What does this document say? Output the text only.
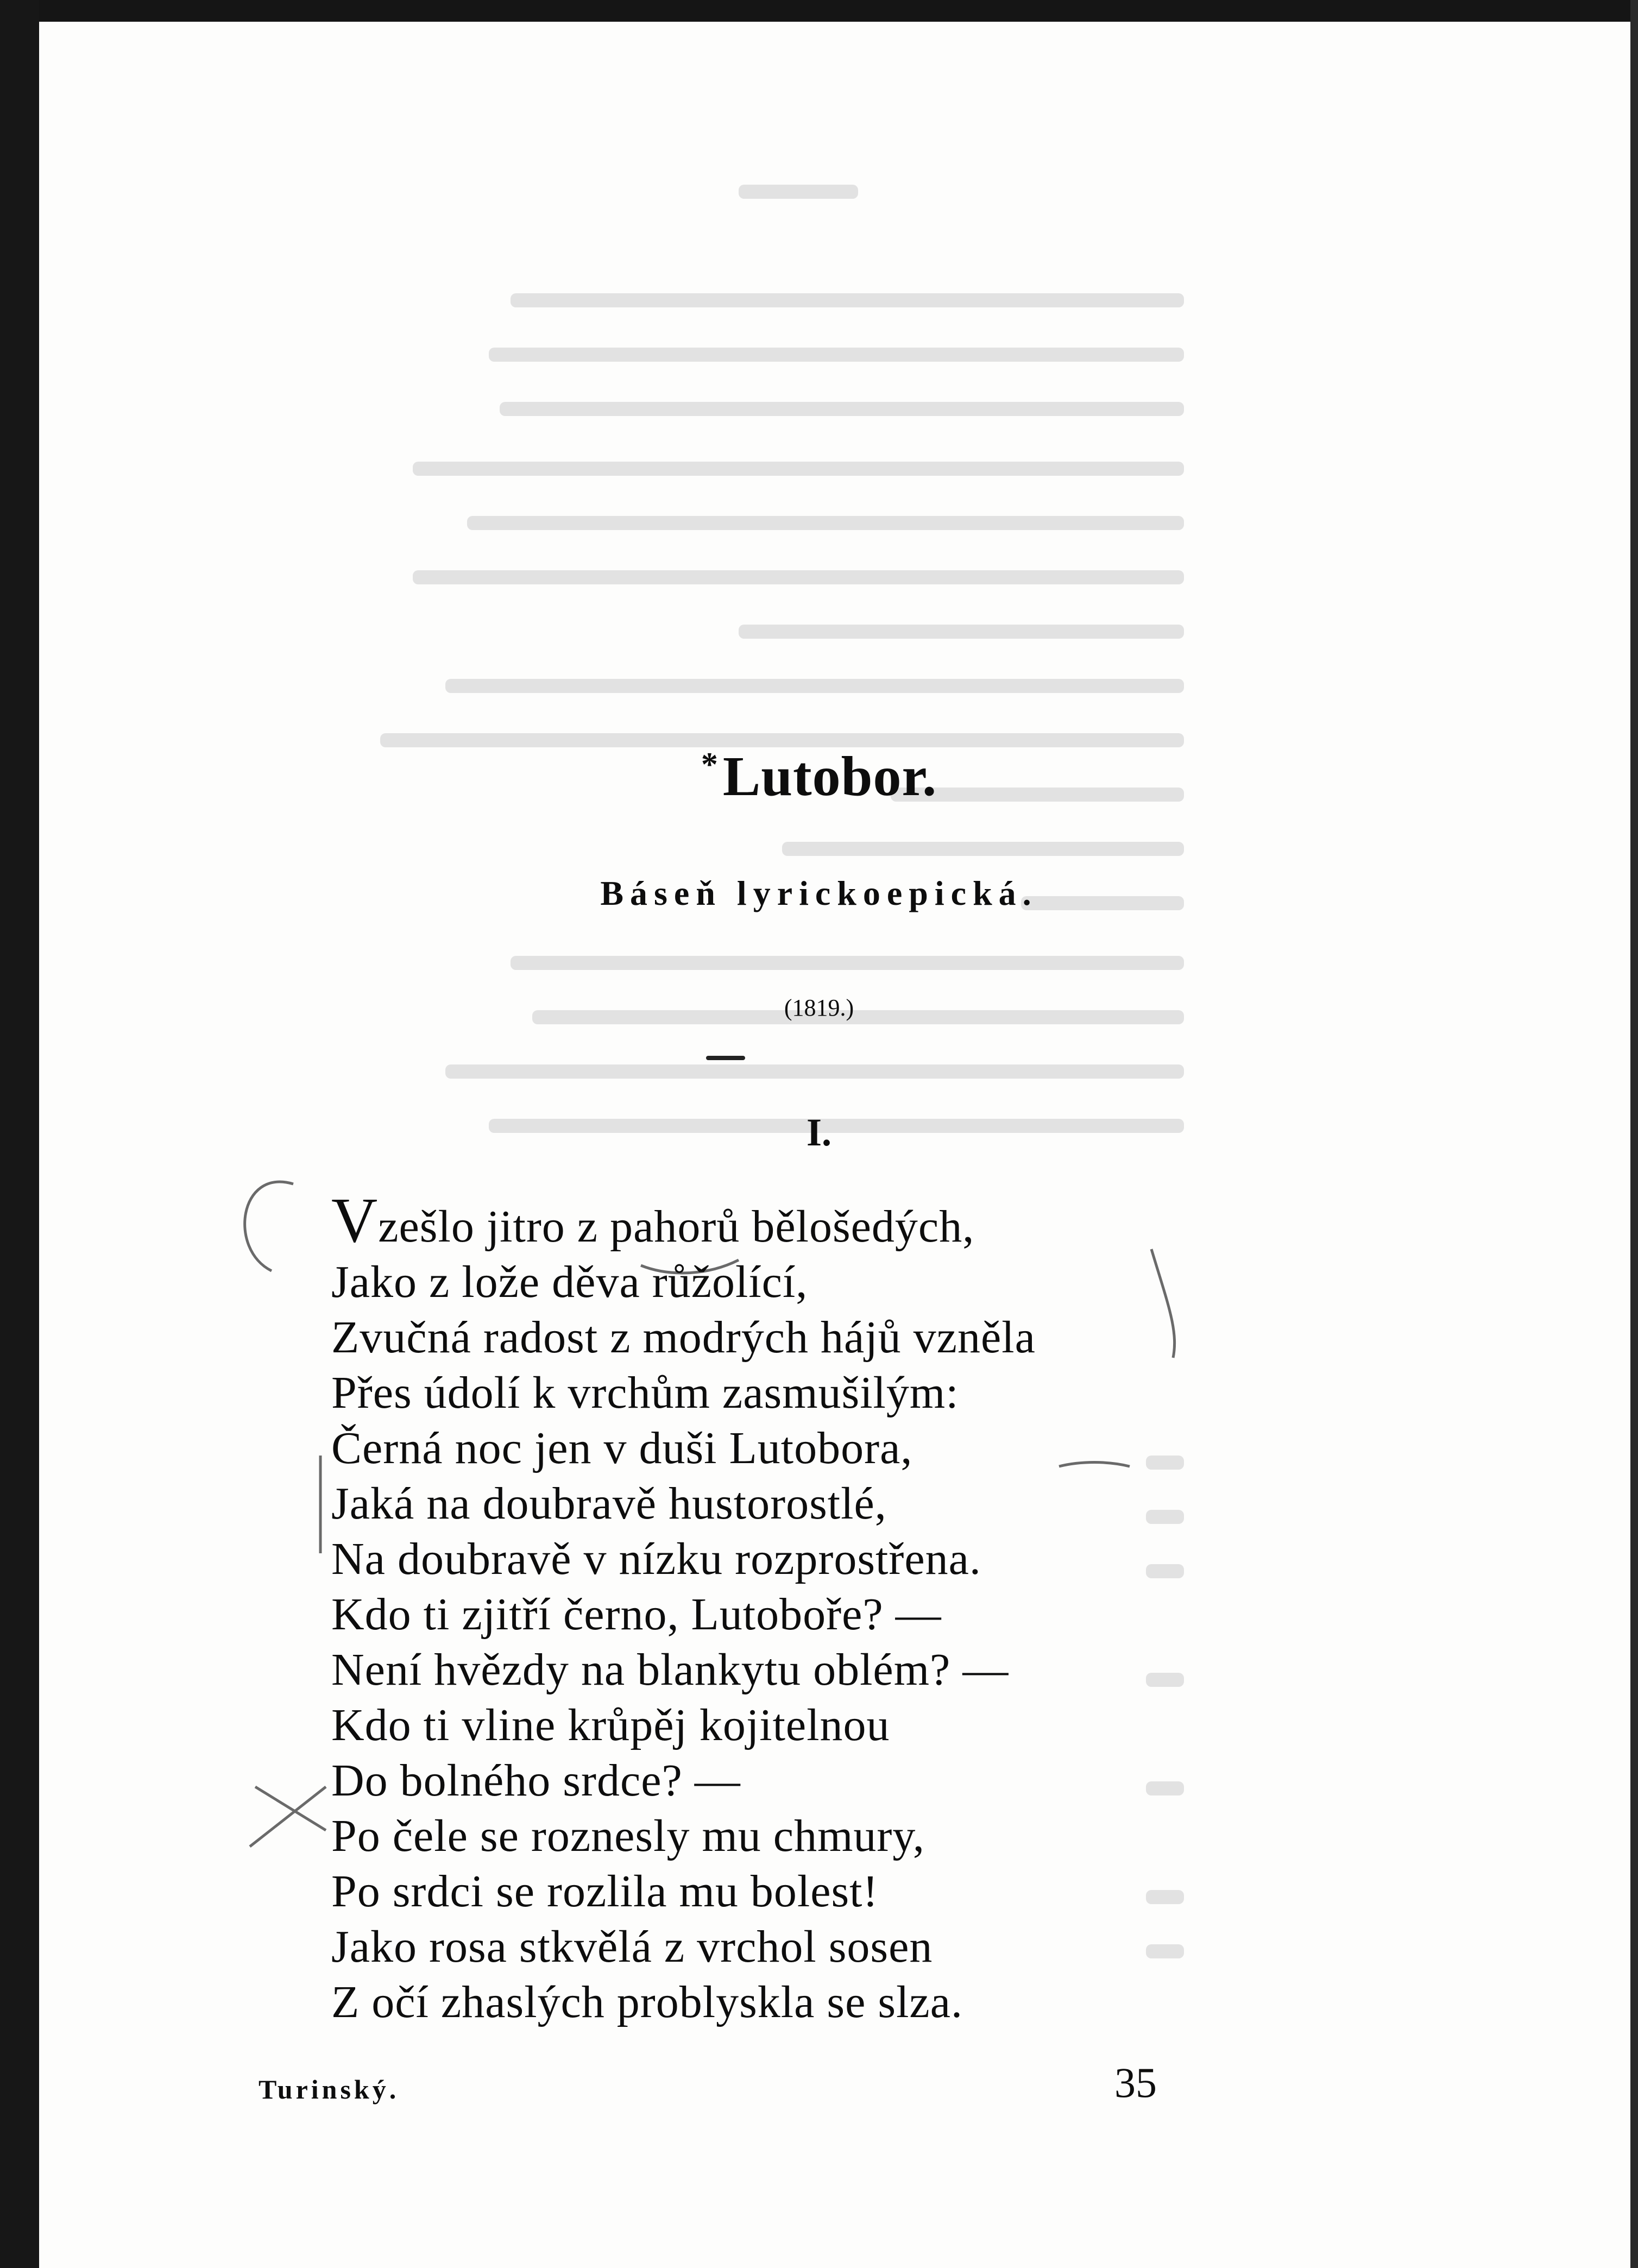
*Lutobor.
Báseň lyrickoepická.
(1819.)
I.
Vzešlo jitro z pahorů bělošedých,
Jako z lože děva růžolící,
Zvučná radost z modrých hájů vzněla
Přes údolí k vrchům zasmušilým:
Černá noc jen v duši Lutobora,
Jaká na doubravě hustorostlé,
Na doubravě v nízku rozprostřena.
Kdo ti zjitří černo, Lutoboře? —
Není hvězdy na blankytu oblém? —
Kdo ti vline krůpěj kojitelnou
Do bolného srdce? —
Po čele se roznesly mu chmury,
Po srdci se rozlila mu bolest!
Jako rosa stkvělá z vrchol sosen
Z očí zhaslých problyskla se slza.
Turinský.	35
